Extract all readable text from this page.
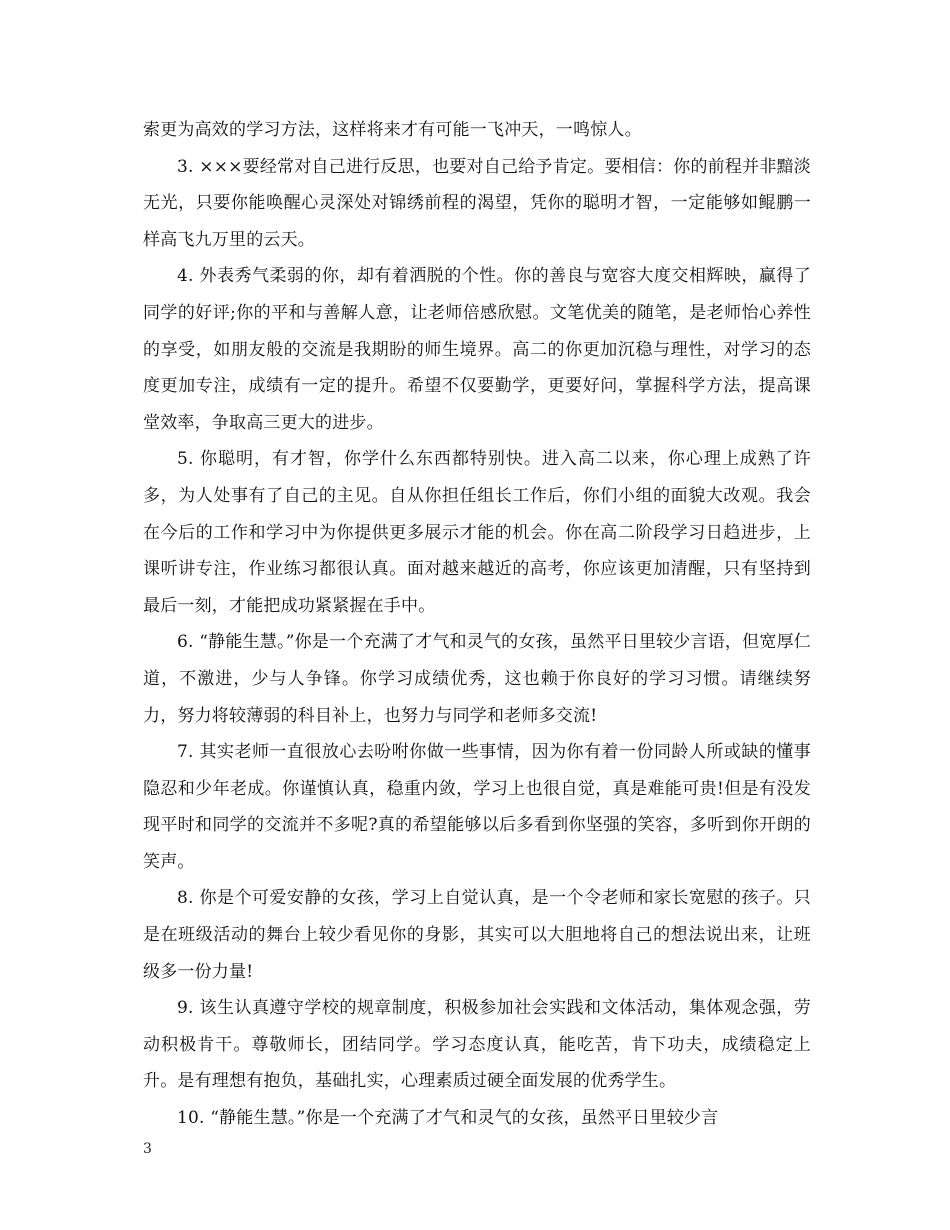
索更为高效的学习方法，这样将来才有可能一飞冲天，一鸣惊人。

3. ×××要经常对自己进行反思，也要对自己给予肯定。要相信：你的前程并非黯淡无光，只要你能唤醒心灵深处对锦绣前程的渴望，凭你的聪明才智，一定能够如鲲鹏一样高飞九万里的云天。

4. 外表秀气柔弱的你，却有着洒脱的个性。你的善良与宽容大度交相辉映，赢得了同学的好评;你的平和与善解人意，让老师倍感欣慰。文笔优美的随笔，是老师怡心养性的享受，如朋友般的交流是我期盼的师生境界。高二的你更加沉稳与理性，对学习的态度更加专注，成绩有一定的提升。希望不仅要勤学，更要好问，掌握科学方法，提高课堂效率，争取高三更大的进步。

5. 你聪明，有才智，你学什么东西都特别快。进入高二以来，你心理上成熟了许多，为人处事有了自己的主见。自从你担任组长工作后，你们小组的面貌大改观。我会在今后的工作和学习中为你提供更多展示才能的机会。你在高二阶段学习日趋进步，上课听讲专注，作业练习都很认真。面对越来越近的高考，你应该更加清醒，只有坚持到最后一刻，才能把成功紧紧握在手中。

6. “静能生慧。”你是一个充满了才气和灵气的女孩，虽然平日里较少言语，但宽厚仁道，不激进，少与人争锋。你学习成绩优秀，这也赖于你良好的学习习惯。请继续努力，努力将较薄弱的科目补上，也努力与同学和老师多交流!

7. 其实老师一直很放心去吩咐你做一些事情，因为你有着一份同龄人所或缺的懂事隐忍和少年老成。你谨慎认真，稳重内敛，学习上也很自觉，真是难能可贵!但是有没发现平时和同学的交流并不多呢?真的希望能够以后多看到你坚强的笑容，多听到你开朗的笑声。

8. 你是个可爱安静的女孩，学习上自觉认真，是一个令老师和家长宽慰的孩子。只是在班级活动的舞台上较少看见你的身影，其实可以大胆地将自己的想法说出来，让班级多一份力量!

9. 该生认真遵守学校的规章制度，积极参加社会实践和文体活动，集体观念强，劳动积极肯干。尊敬师长，团结同学。学习态度认真，能吃苦，肯下功夫，成绩稳定上升。是有理想有抱负，基础扎实，心理素质过硬全面发展的优秀学生。

10. “静能生慧。”你是一个充满了才气和灵气的女孩，虽然平日里较少言

3
